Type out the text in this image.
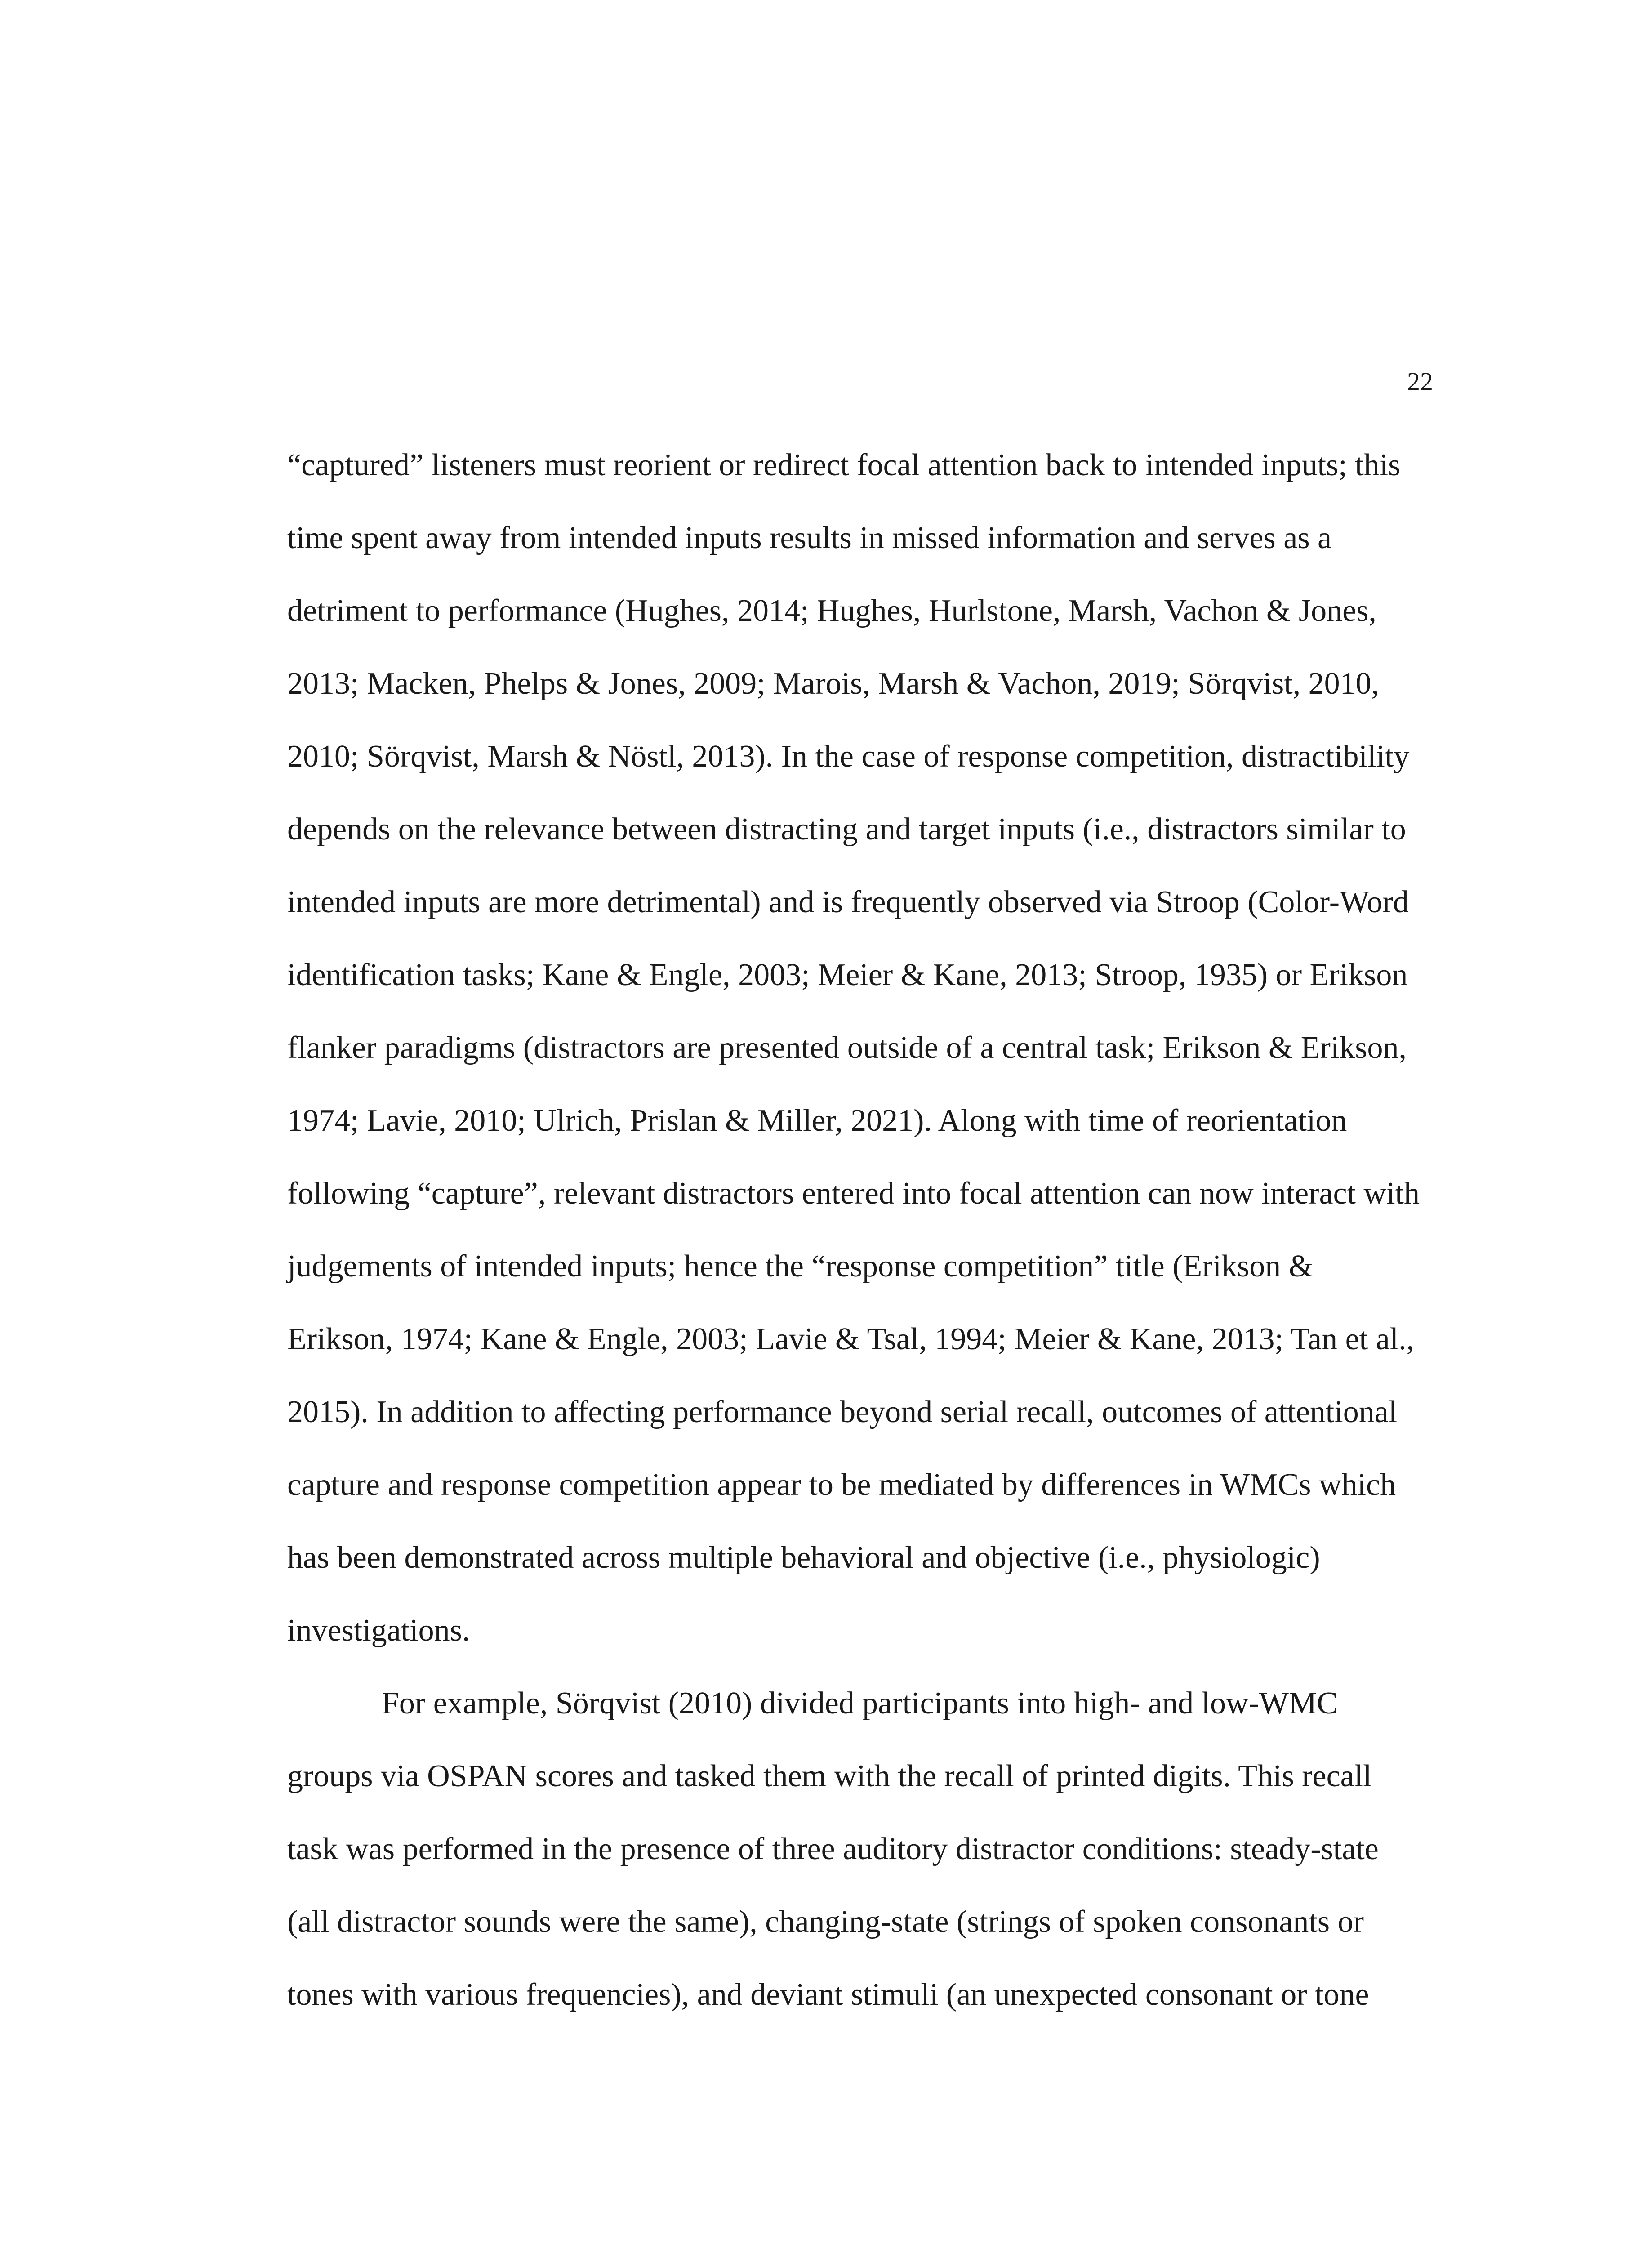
22
“captured” listeners must reorient or redirect focal attention back to intended inputs; this
time spent away from intended inputs results in missed information and serves as a
detriment to performance (Hughes, 2014; Hughes, Hurlstone, Marsh, Vachon & Jones,
2013; Macken, Phelps & Jones, 2009; Marois, Marsh & Vachon, 2019; Sörqvist, 2010,
2010; Sörqvist, Marsh & Nöstl, 2013). In the case of response competition, distractibility
depends on the relevance between distracting and target inputs (i.e., distractors similar to
intended inputs are more detrimental) and is frequently observed via Stroop (Color-Word
identification tasks; Kane & Engle, 2003; Meier & Kane, 2013; Stroop, 1935) or Erikson
flanker paradigms (distractors are presented outside of a central task; Erikson & Erikson,
1974; Lavie, 2010; Ulrich, Prislan & Miller, 2021). Along with time of reorientation
following “capture”, relevant distractors entered into focal attention can now interact with
judgements of intended inputs; hence the “response competition” title (Erikson &
Erikson, 1974; Kane & Engle, 2003; Lavie & Tsal, 1994; Meier & Kane, 2013; Tan et al.,
2015). In addition to affecting performance beyond serial recall, outcomes of attentional
capture and response competition appear to be mediated by differences in WMCs which
has been demonstrated across multiple behavioral and objective (i.e., physiologic)
investigations.
For example, Sörqvist (2010) divided participants into high- and low-WMC
groups via OSPAN scores and tasked them with the recall of printed digits. This recall
task was performed in the presence of three auditory distractor conditions: steady-state
(all distractor sounds were the same), changing-state (strings of spoken consonants or
tones with various frequencies), and deviant stimuli (an unexpected consonant or tone
